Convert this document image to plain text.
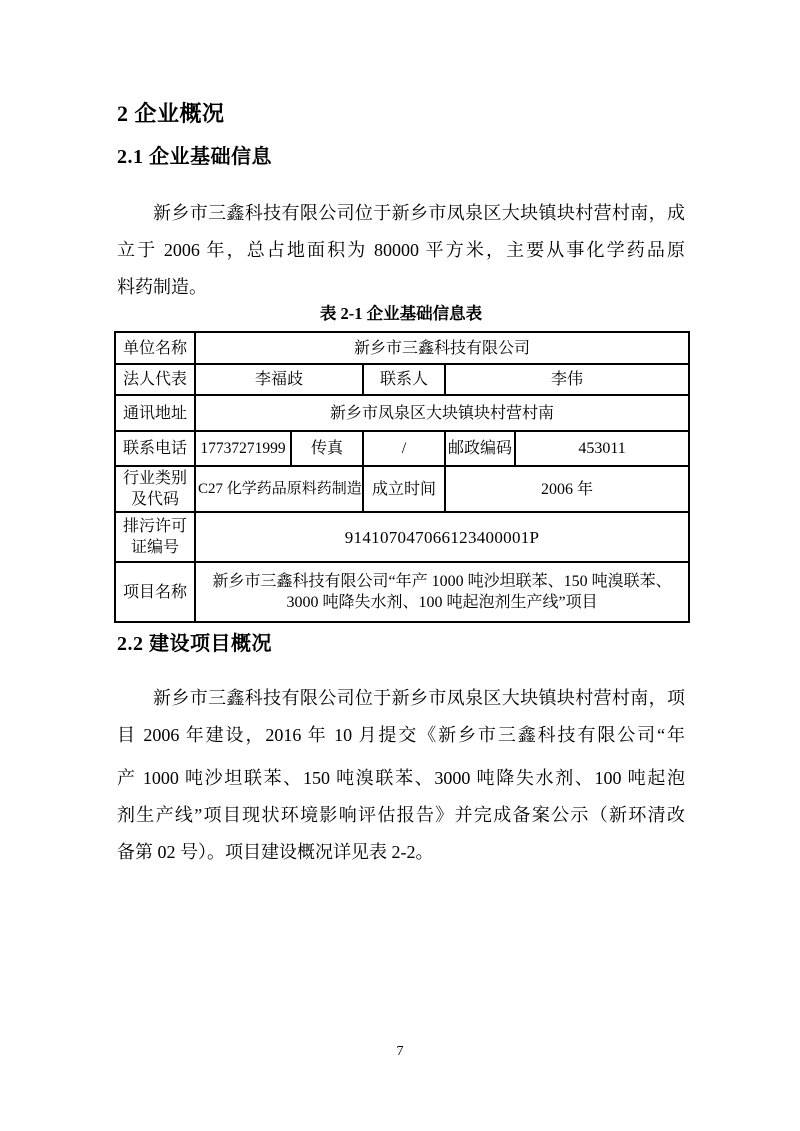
2 企业概况
2.1 企业基础信息
新乡市三鑫科技有限公司位于新乡市凤泉区大块镇块村营村南，成
立于 2006 年，总占地面积为 80000 平方米，主要从事化学药品原
料药制造。
表 2-1 企业基础信息表
单位名称	新乡市三鑫科技有限公司				
法人代表	李福歧		联系人	李伟	
通讯地址	新乡市凤泉区大块镇块村营村南				
联系电话	17737271999	传真	/	邮政编码	453011
行业类别及代码	C27 化学药品原料药制造		成立时间	2006 年	
排污许可证编号	914107047066123400001P				
项目名称	新乡市三鑫科技有限公司“年产 1000 吨沙坦联苯、150 吨溴联苯、3000 吨降失水剂、100 吨起泡剂生产线”项目				
2.2 建设项目概况
新乡市三鑫科技有限公司位于新乡市凤泉区大块镇块村营村南，项
目 2006 年建设，2016 年 10 月提交《新乡市三鑫科技有限公司“年
产 1000 吨沙坦联苯、150 吨溴联苯、3000 吨降失水剂、100 吨起泡
剂生产线”项目现状环境影响评估报告》并完成备案公示（新环清改
备第 02 号）。项目建设概况详见表 2-2。
7
